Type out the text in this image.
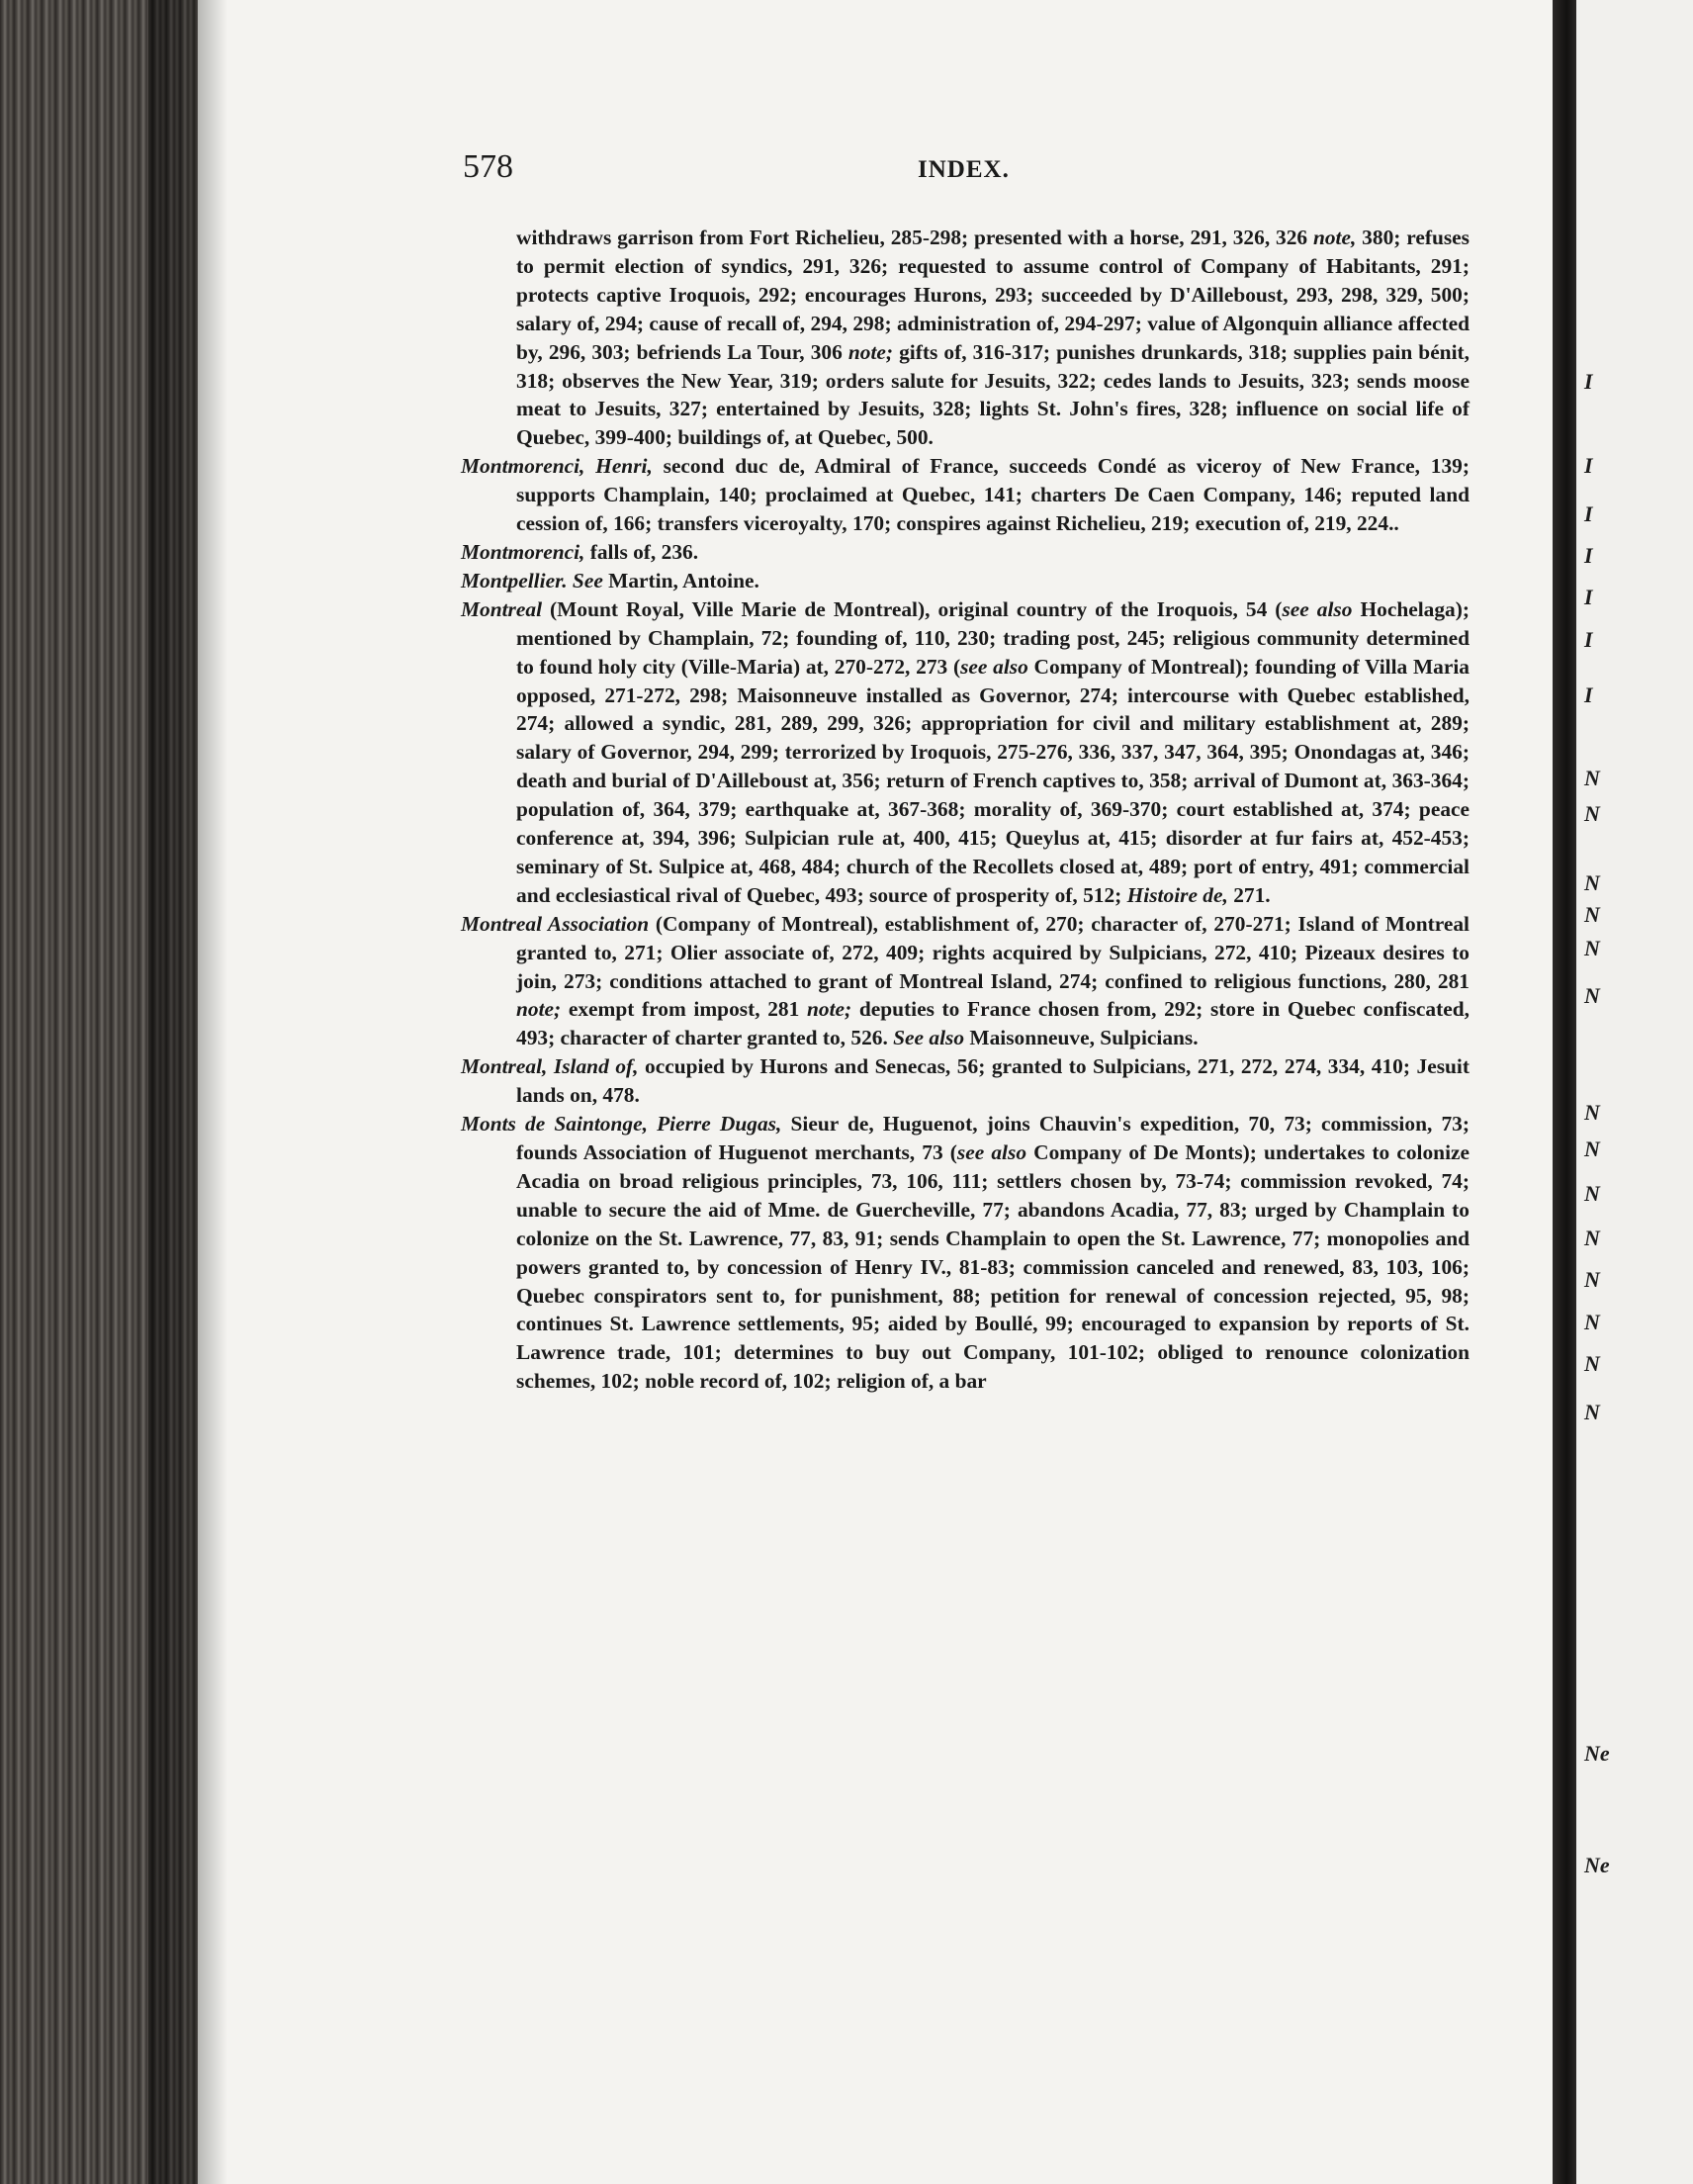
578	INDEX.

withdraws garrison from Fort Richelieu, 285-298; presented with a horse, 291, 326, 326 note, 380; refuses to permit election of syndics, 291, 326; requested to assume control of Company of Habitants, 291; protects captive Iroquois, 292; encourages Hurons, 293; succeeded by D'Ailleboust, 293, 298, 329, 500; salary of, 294; cause of recall of, 294, 298; administration of, 294-297; value of Algonquin alliance affected by, 296, 303; befriends La Tour, 306 note; gifts of, 316-317; punishes drunkards, 318; supplies pain bénit, 318; observes the New Year, 319; orders salute for Jesuits, 322; cedes lands to Jesuits, 323; sends moose meat to Jesuits, 327; entertained by Jesuits, 328; lights St. John's fires, 328; influence on social life of Quebec, 399-400; buildings of, at Quebec, 500.

Montmorenci, Henri, second duc de, Admiral of France, succeeds Condé as viceroy of New France, 139; supports Champlain, 140; proclaimed at Quebec, 141; charters De Caen Company, 146; reputed land cession of, 166; transfers viceroyalty, 170; conspires against Richelieu, 219; execution of, 219, 224..

Montmorenci, falls of, 236.

Montpellier. See Martin, Antoine.

Montreal (Mount Royal, Ville Marie de Montreal), original country of the Iroquois, 54 (see also Hochelaga); mentioned by Champlain, 72; founding of, 110, 230; trading post, 245; religious community determined to found holy city (Ville-Maria) at, 270-272, 273 (see also Company of Montreal); founding of Villa Maria opposed, 271-272, 298; Maisonneuve installed as Governor, 274; intercourse with Quebec established, 274; allowed a syndic, 281, 289, 299, 326; appropriation for civil and military establishment at, 289; salary of Governor, 294, 299; terrorized by Iroquois, 275-276, 336, 337, 347, 364, 395; Onondagas at, 346; death and burial of D'Ailleboust at, 356; return of French captives to, 358; arrival of Dumont at, 363-364; population of, 364, 379; earthquake at, 367-368; morality of, 369-370; court established at, 374; peace conference at, 394, 396; Sulpician rule at, 400, 415; Queylus at, 415; disorder at fur fairs at, 452-453; seminary of St. Sulpice at, 468, 484; church of the Recollets closed at, 489; port of entry, 491; commercial and ecclesiastical rival of Quebec, 493; source of prosperity of, 512; Histoire de, 271.

Montreal Association (Company of Montreal), establishment of, 270; character of, 270-271; Island of Montreal granted to, 271; Olier associate of, 272, 409; rights acquired by Sulpicians, 272, 410; Pizeaux desires to join, 273; conditions attached to grant of Montreal Island, 274; confined to religious functions, 280, 281 note; exempt from impost, 281 note; deputies to France chosen from, 292; store in Quebec confiscated, 493; character of charter granted to, 526. See also Maisonneuve, Sulpicians.

Montreal, Island of, occupied by Hurons and Senecas, 56; granted to Sulpicians, 271, 272, 274, 334, 410; Jesuit lands on, 478.

Monts de Saintonge, Pierre Dugas, Sieur de, Huguenot, joins Chauvin's expedition, 70, 73; commission, 73; founds Association of Huguenot merchants, 73 (see also Company of De Monts); undertakes to colonize Acadia on broad religious principles, 73, 106, 111; settlers chosen by, 73-74; commission revoked, 74; unable to secure the aid of Mme. de Guercheville, 77; abandons Acadia, 77, 83; urged by Champlain to colonize on the St. Lawrence, 77, 83, 91; sends Champlain to open the St. Lawrence, 77; monopolies and powers granted to, by concession of Henry IV., 81-83; commission canceled and renewed, 83, 103, 106; Quebec conspirators sent to, for punishment, 88; petition for renewal of concession rejected, 95, 98; continues St. Lawrence settlements, 95; aided by Boullé, 99; encouraged to expansion by reports of St. Lawrence trade, 101; determines to buy out Company, 101-102; obliged to renounce colonization schemes, 102; noble record of, 102; religion of, a bar

I
I
I
I
I
I
I
N
N
N
N
N
N
N
N
N
N
N
N
N
N
Ne
Ne
